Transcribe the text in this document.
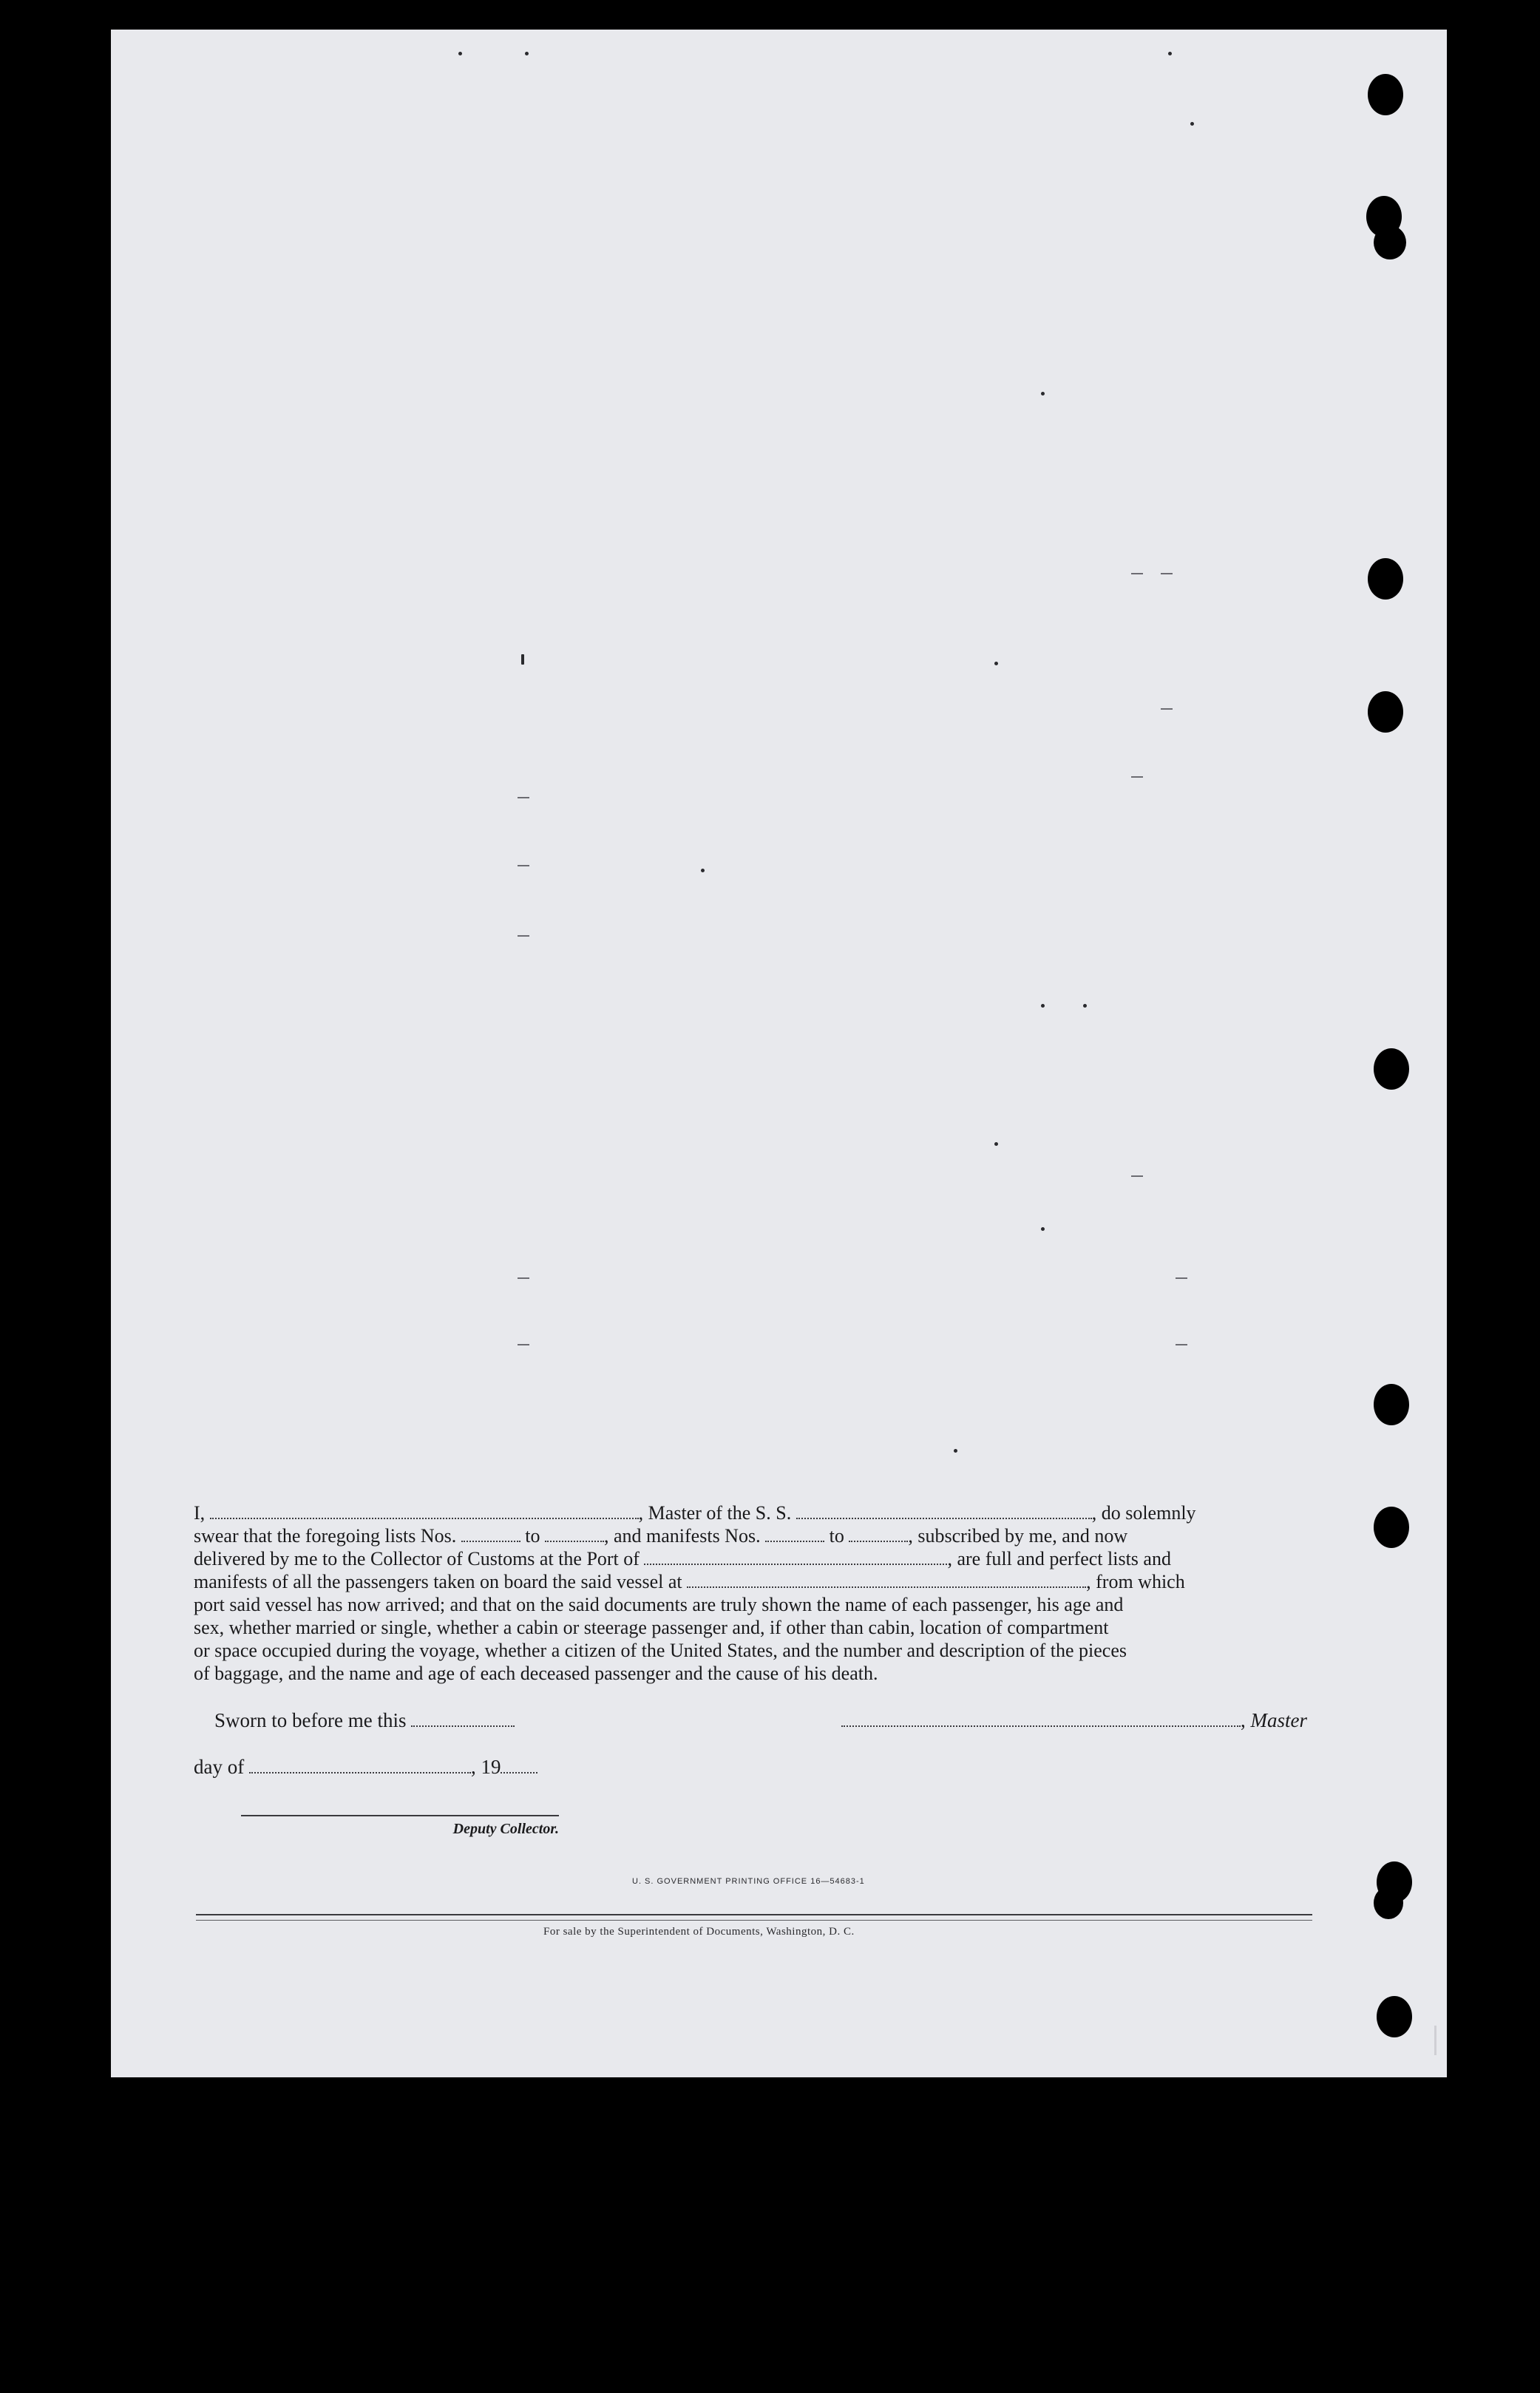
I,	, Master of the S. S.	, do solemnly
swear that the foregoing lists Nos.	to	, and manifests Nos.	to	, subscribed by me, and now
delivered by me to the Collector of Customs at the Port of	, are full and perfect lists and
manifests of all the passengers taken on board the said vessel at	, from which
port said vessel has now arrived; and that on the said documents are truly shown the name of each passenger, his age and
sex, whether married or single, whether a cabin or steerage passenger and, if other than cabin, location of compartment
or space occupied during the voyage, whether a citizen of the United States, and the number and description of the pieces
of baggage, and the name and age of each deceased passenger and the cause of his death.
Sworn to before me this	, Master
day of	, 19
Deputy Collector.
U. S. GOVERNMENT PRINTING OFFICE 16—54683-1
For sale by the Superintendent of Documents, Washington, D. C.
